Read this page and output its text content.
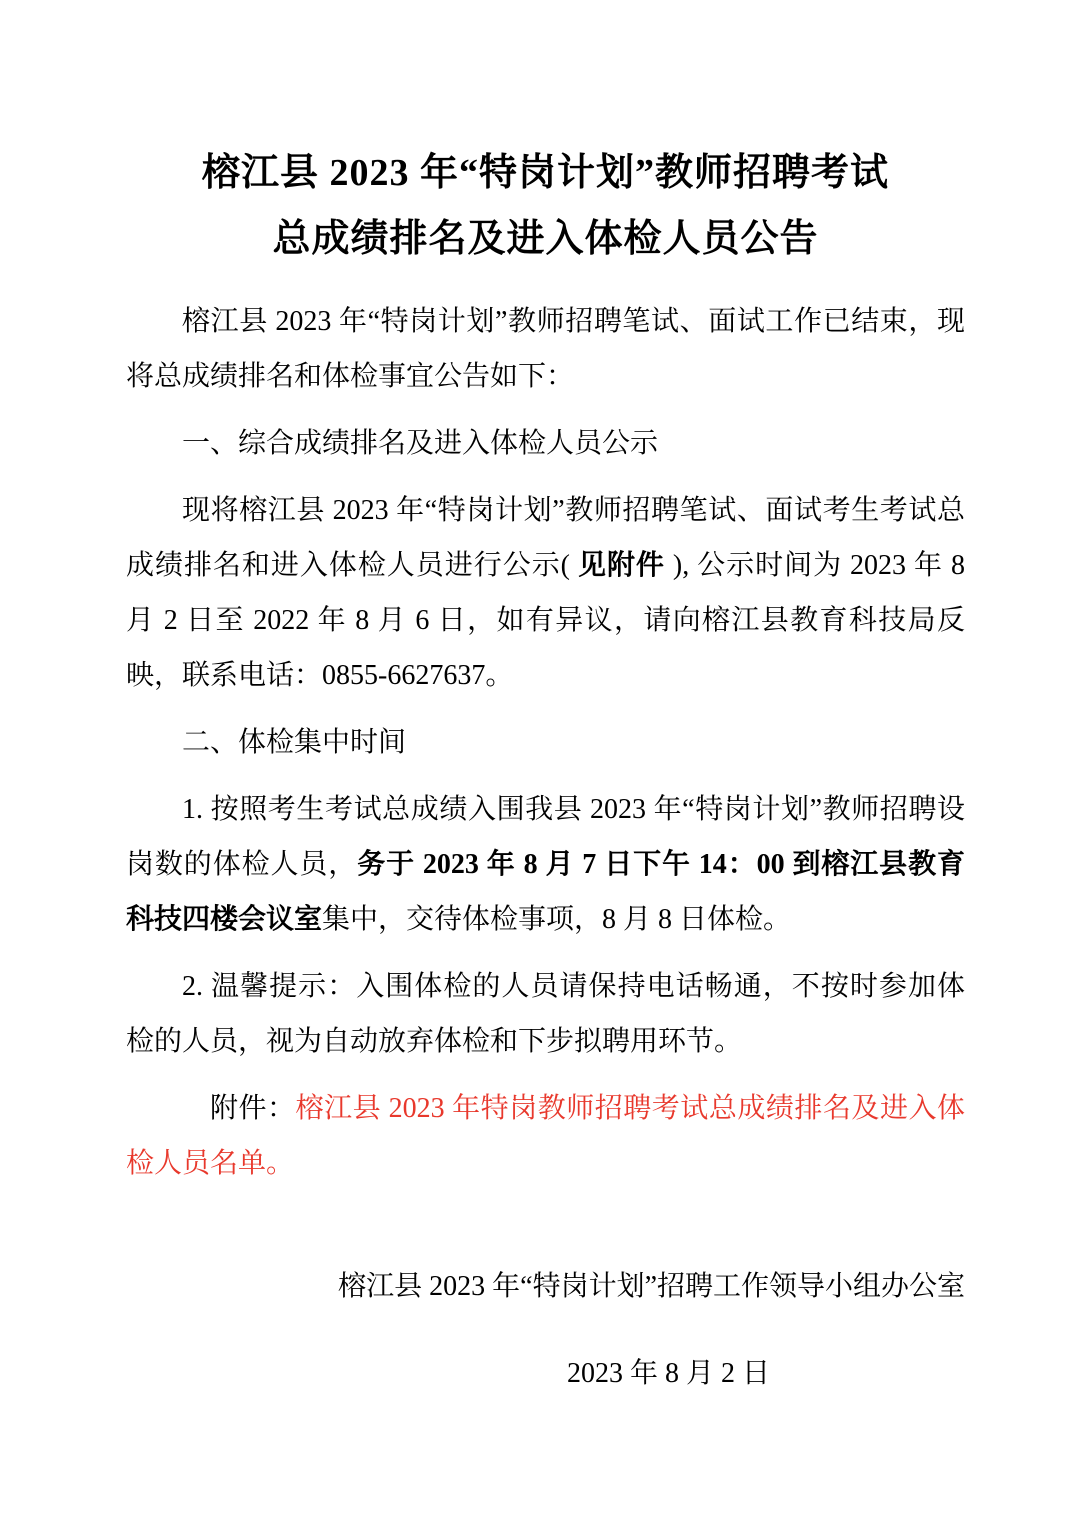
榕江县 2023 年“特岗计划”教师招聘考试
总成绩排名及进入体检人员公告

榕江县 2023 年“特岗计划”教师招聘笔试、面试工作已结束，现将总成绩排名和体检事宜公告如下：

一、综合成绩排名及进入体检人员公示

现将榕江县 2023 年“特岗计划”教师招聘笔试、面试考生考试总成绩排名和进入体检人员进行公示( 见附件 ), 公示时间为 2023 年 8 月 2 日至 2022 年 8 月 6 日，如有异议，请向榕江县教育科技局反映，联系电话：0855-6627637。

二、体检集中时间

1. 按照考生考试总成绩入围我县 2023 年“特岗计划”教师招聘设岗数的体检人员，务于 2023 年 8 月 7 日下午 14：00 到榕江县教育科技四楼会议室集中，交待体检事项，8 月 8 日体检。

2. 温馨提示：入围体检的人员请保持电话畅通，不按时参加体检的人员，视为自动放弃体检和下步拟聘用环节。

附件：榕江县 2023 年特岗教师招聘考试总成绩排名及进入体检人员名单。

榕江县 2023 年“特岗计划”招聘工作领导小组办公室

2023 年 8 月 2 日
